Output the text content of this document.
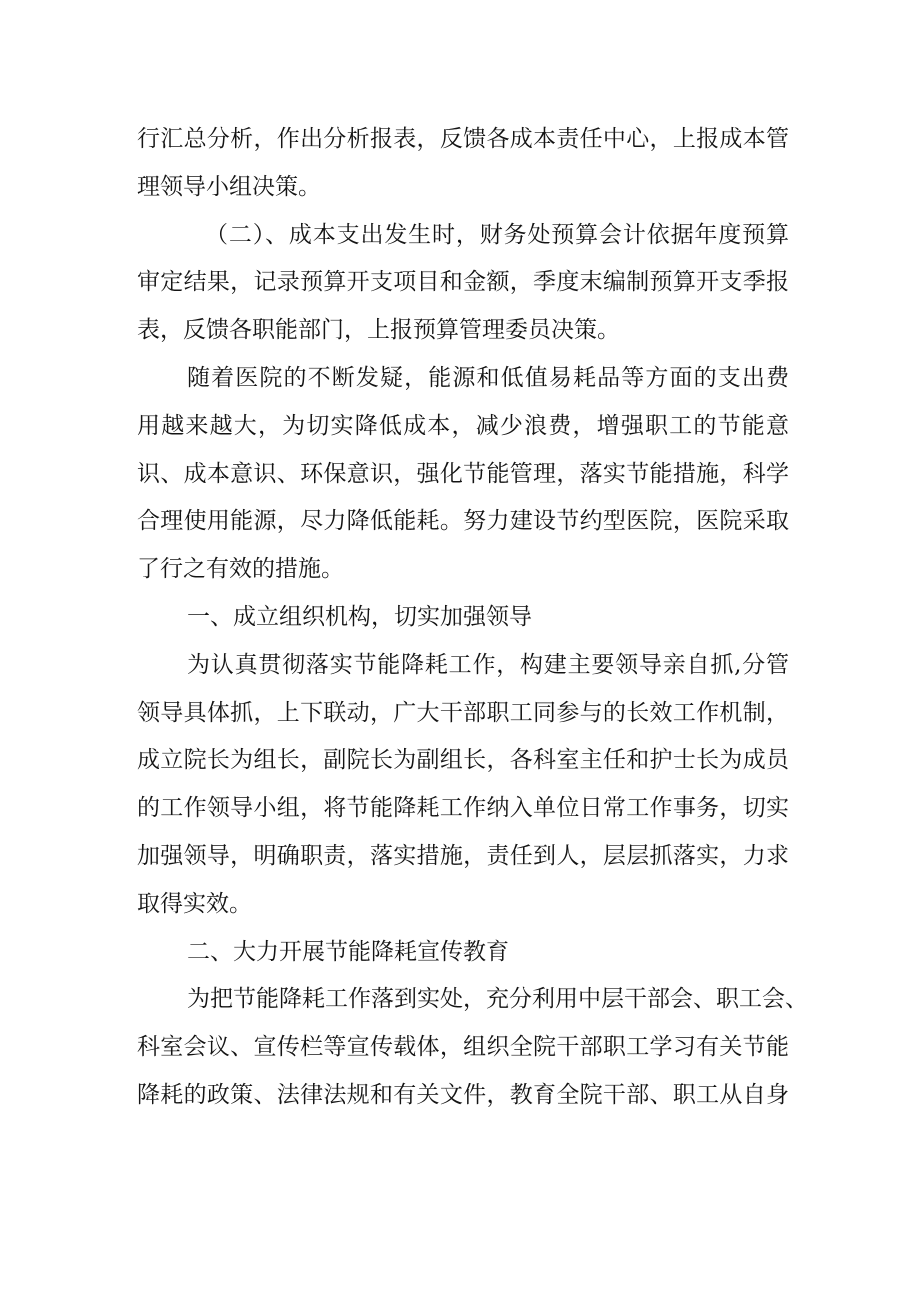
行汇总分析，作出分析报表，反馈各成本责任中心，上报成本管
理领导小组决策。
（二）、成本支出发生时，财务处预算会计依据年度预算
审定结果，记录预算开支项目和金额，季度末编制预算开支季报
表，反馈各职能部门，上报预算管理委员决策。
随着医院的不断发疑，能源和低值易耗品等方面的支出费
用越来越大，为切实降低成本，减少浪费，增强职工的节能意
识、成本意识、环保意识，强化节能管理，落实节能措施，科学
合理使用能源，尽力降低能耗。努力建设节约型医院，医院采取
了行之有效的措施。
一、成立组织机构，切实加强领导
为认真贯彻落实节能降耗工作，构建主要领导亲自抓,分管
领导具体抓，上下联动，广大干部职工同参与的长效工作机制，
成立院长为组长，副院长为副组长，各科室主任和护士长为成员
的工作领导小组，将节能降耗工作纳入单位日常工作事务，切实
加强领导，明确职责，落实措施，责任到人，层层抓落实，力求
取得实效。
二、大力开展节能降耗宣传教育
为把节能降耗工作落到实处，充分利用中层干部会、职工会、
科室会议、宣传栏等宣传载体，组织全院干部职工学习有关节能
降耗的政策、法律法规和有关文件，教育全院干部、职工从自身
